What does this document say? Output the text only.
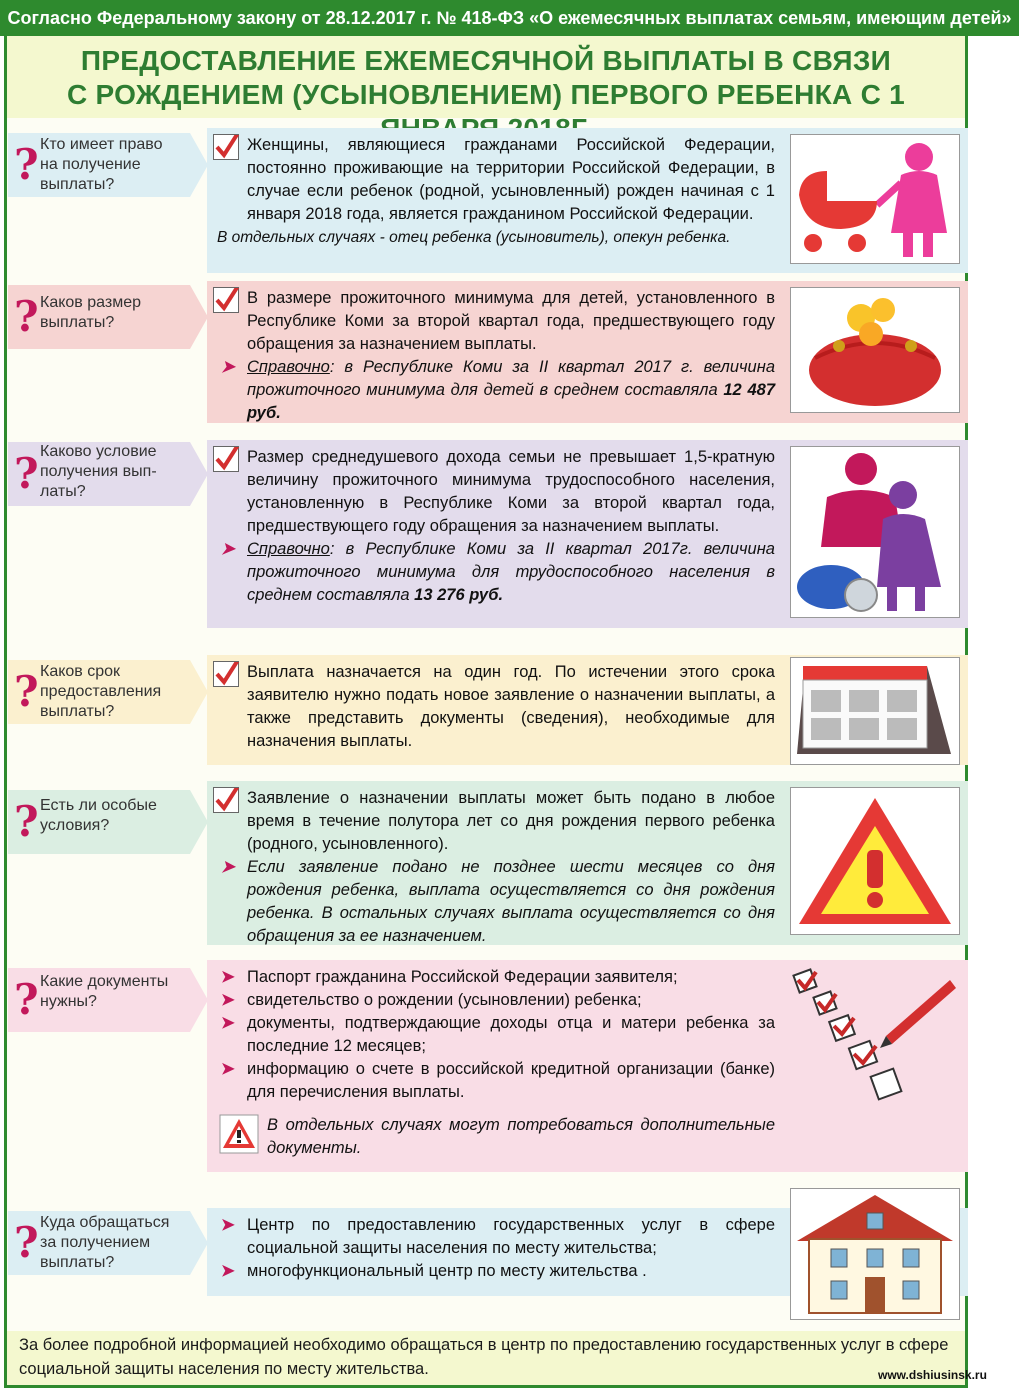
Согласно Федеральному закону от 28.12.2017 г. № 418-ФЗ «О ежемесячных выплатах семьям, имеющим детей»
ПРЕДОСТАВЛЕНИЕ ЕЖЕМЕСЯЧНОЙ ВЫПЛАТЫ В СВЯЗИ
С РОЖДЕНИЕМ (УСЫНОВЛЕНИЕМ) ПЕРВОГО РЕБЕНКА С 1
? Кто имеет право
на получение
выплаты?
Женщины, являющиеся гражданами Российской Федерации, постоянно проживающие на территории Российской Федерации, в случае если ребенок (родной, усыновленный) рожден начиная с 1 января 2018 года, является гражданином Российской Федерации.
В отдельных случаях - отец ребенка (усыновитель), опекун ребенка.
? Каков размер
выплаты?
В размере прожиточного минимума для детей, установленного в Республике Коми за второй квартал года, предшествующего году обращения за назначением выплаты.
➤ Справочно: в Республике Коми за II квартал 2017 г. величина прожиточного минимума для детей в среднем составляла 12 487 руб.
? Каково условие
получения вып-
латы?
Размер среднедушевого дохода семьи не превышает 1,5-кратную величину прожиточного минимума трудоспособного населения, установленную в Республике Коми за второй квартал года, предшествующего году обращения за назначением выплаты.
➤ Справочно: в Республике Коми за II квартал 2017г. величина прожиточного минимума для трудоспособного населения в среднем составляла 13 276 руб.
? Каков срок
предоставления
выплаты?
Выплата назначается на один год. По истечении этого срока заявителю нужно подать новое заявление о назначении выплаты, а также представить документы (сведения), необходимые для назначения выплаты.
? Есть ли особые
условия?
Заявление о назначении выплаты может быть подано в любое время в течение полутора лет со дня рождения первого ребенка (родного, усыновленного).
➤ Если заявление подано не позднее шести месяцев со дня рождения ребенка, выплата осуществляется со дня рождения ребенка. В остальных случаях выплата осуществляется со дня обращения за ее назначением.
? Какие документы
нужны?
➤ Паспорт гражданина Российской Федерации заявителя;
➤ свидетельство о рождении (усыновлении) ребенка;
➤ документы, подтверждающие доходы отца и матери ребенка за последние 12 месяцев;
➤ информацию о счете в российской кредитной организации (банке) для перечисления выплаты.
В отдельных случаях могут потребоваться дополнительные документы.
? Куда обращаться
за получением
выплаты?
➤ Центр по предоставлению государственных услуг в сфере социальной защиты населения по месту жительства;
➤ многофункциональный центр по месту жительства .
За более подробной информацией необходимо обращаться в центр по предоставлению государственных услуг в сфере социальной защиты населения по месту жительства.	www.dshiusinsk.ru
